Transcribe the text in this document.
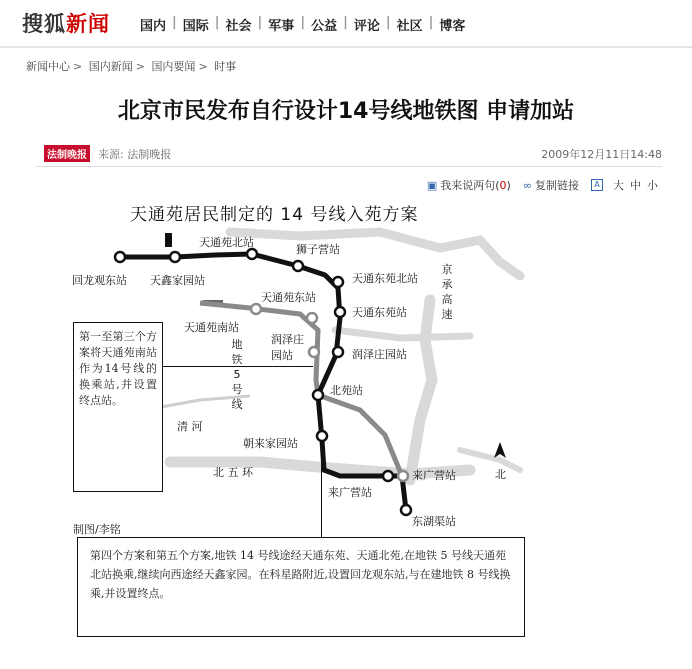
搜狐新闻 国内 | 国际 | 社会 | 军事 | 公益 | 评论 | 社区 | 博客
新闻中心 > 国内新闻 > 国内要闻 > 时事
北京市民发布自行设计14号线地铁图 申请加站
法制晚报 来源: 法制晚报	2009年12月11日14:48
▣ 我来说两句 ( 0 ) ∞ 复制链接	A 大 中 小
天通苑居民制定的 14 号线入苑方案
回龙观东站 天鑫家园站
天通苑北站
狮子营站
天通东苑北站
天通苑东站
天通东苑站
天通苑南站
润泽庄
园站	润泽庄园站
北苑站
朝来家园站
来广营站
来广营站
东湖渠站
地铁5号线
京承高速
清 河
北 五 环	北
第一至第三个方案将天通苑南站作为14号线的换乘站,并设置终点站。
制图/李铭
第四个方案和第五个方案,地铁 14 号线途经天通东苑、天通北苑,在地铁 5 号线天通苑北站换乘,继续向西途经天鑫家园。在科星路附近,设置回龙观东站,与在建地铁 8 号线换乘,并设置终点。
